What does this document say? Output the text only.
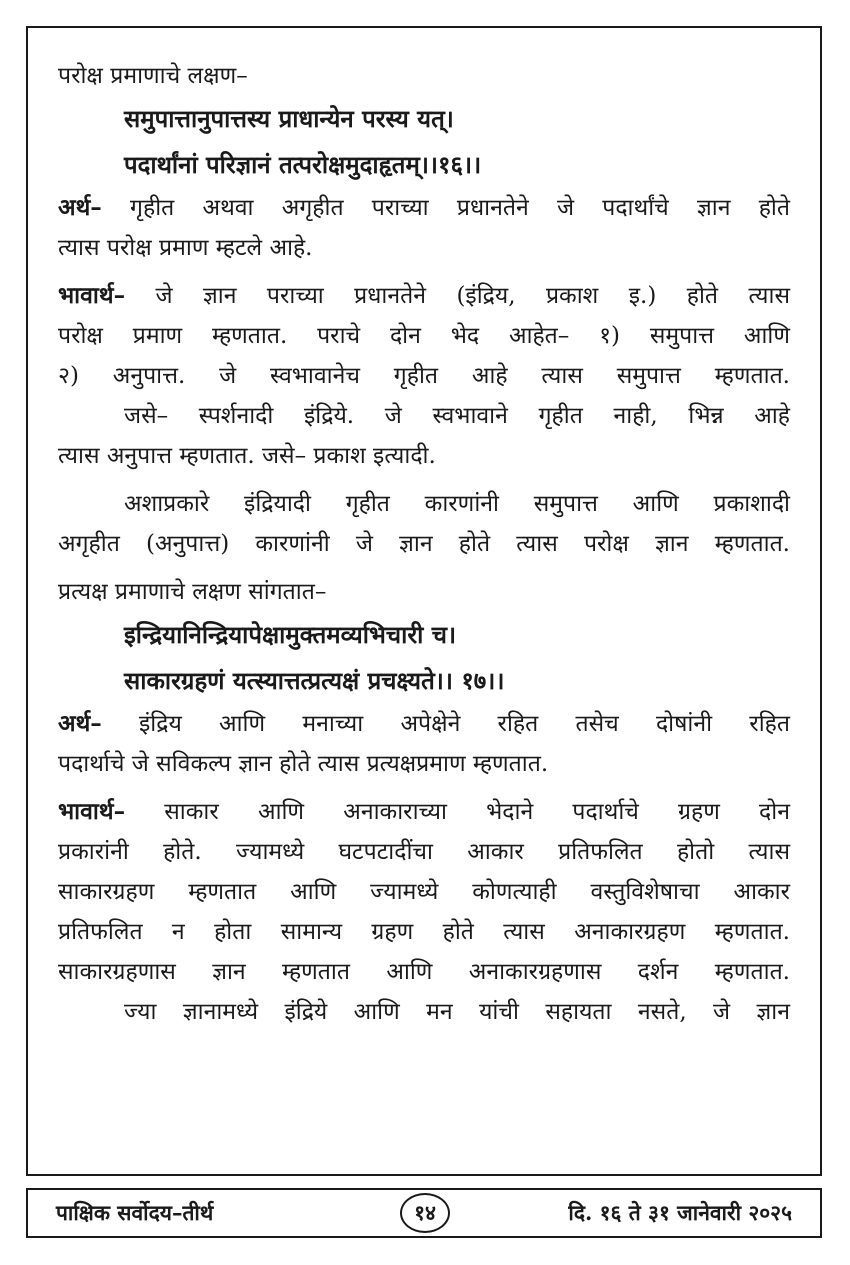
परोक्ष प्रमाणाचे लक्षण–
समुपात्तानुपात्तस्य प्राधान्येन परस्य यत्।
पदार्थांनां परिज्ञानं तत्परोक्षमुदाहृतम्।।१६।।
अर्थ– गृहीत अथवा अगृहीत पराच्या प्रधानतेने जे पदार्थांचे ज्ञान होते
त्यास परोक्ष प्रमाण म्हटले आहे.
भावार्थ– जे ज्ञान पराच्या प्रधानतेने (इंद्रिय, प्रकाश इ.) होते त्यास
परोक्ष प्रमाण म्हणतात. पराचे दोन भेद आहेत– १) समुपात्त आणि
२) अनुपात्त. जे स्वभावानेच गृहीत आहे त्यास समुपात्त म्हणतात.
जसे– स्पर्शनादी इंद्रिये. जे स्वभावाने गृहीत नाही, भिन्न आहे
त्यास अनुपात्त म्हणतात. जसे– प्रकाश इत्यादी.
अशाप्रकारे इंद्रियादी गृहीत कारणांनी समुपात्त आणि प्रकाशादी
अगृहीत (अनुपात्त) कारणांनी जे ज्ञान होते त्यास परोक्ष ज्ञान म्हणतात.
प्रत्यक्ष प्रमाणाचे लक्षण सांगतात–
इन्द्रियानिन्द्रियापेक्षामुक्तमव्यभिचारी च।
साकारग्रहणं यत्स्यात्तत्प्रत्यक्षं प्रचक्ष्यते।। १७।।
अर्थ– इंद्रिय आणि मनाच्या अपेक्षेने रहित तसेच दोषांनी रहित
पदार्थाचे जे सविकल्प ज्ञान होते त्यास प्रत्यक्षप्रमाण म्हणतात.
भावार्थ– साकार आणि अनाकाराच्या भेदाने पदार्थाचे ग्रहण दोन
प्रकारांनी होते. ज्यामध्ये घटपटादींचा आकार प्रतिफलित होतो त्यास
साकारग्रहण म्हणतात आणि ज्यामध्ये कोणत्याही वस्तुविशेषाचा आकार
प्रतिफलित न होता सामान्य ग्रहण होते त्यास अनाकारग्रहण म्हणतात.
साकारग्रहणास ज्ञान म्हणतात आणि अनाकारग्रहणास दर्शन म्हणतात.
ज्या ज्ञानामध्ये इंद्रिये आणि मन यांची सहायता नसते, जे ज्ञान
पाक्षिक सर्वोदय–तीर्थ	१४	दि. १६ ते ३१ जानेवारी २०२५
